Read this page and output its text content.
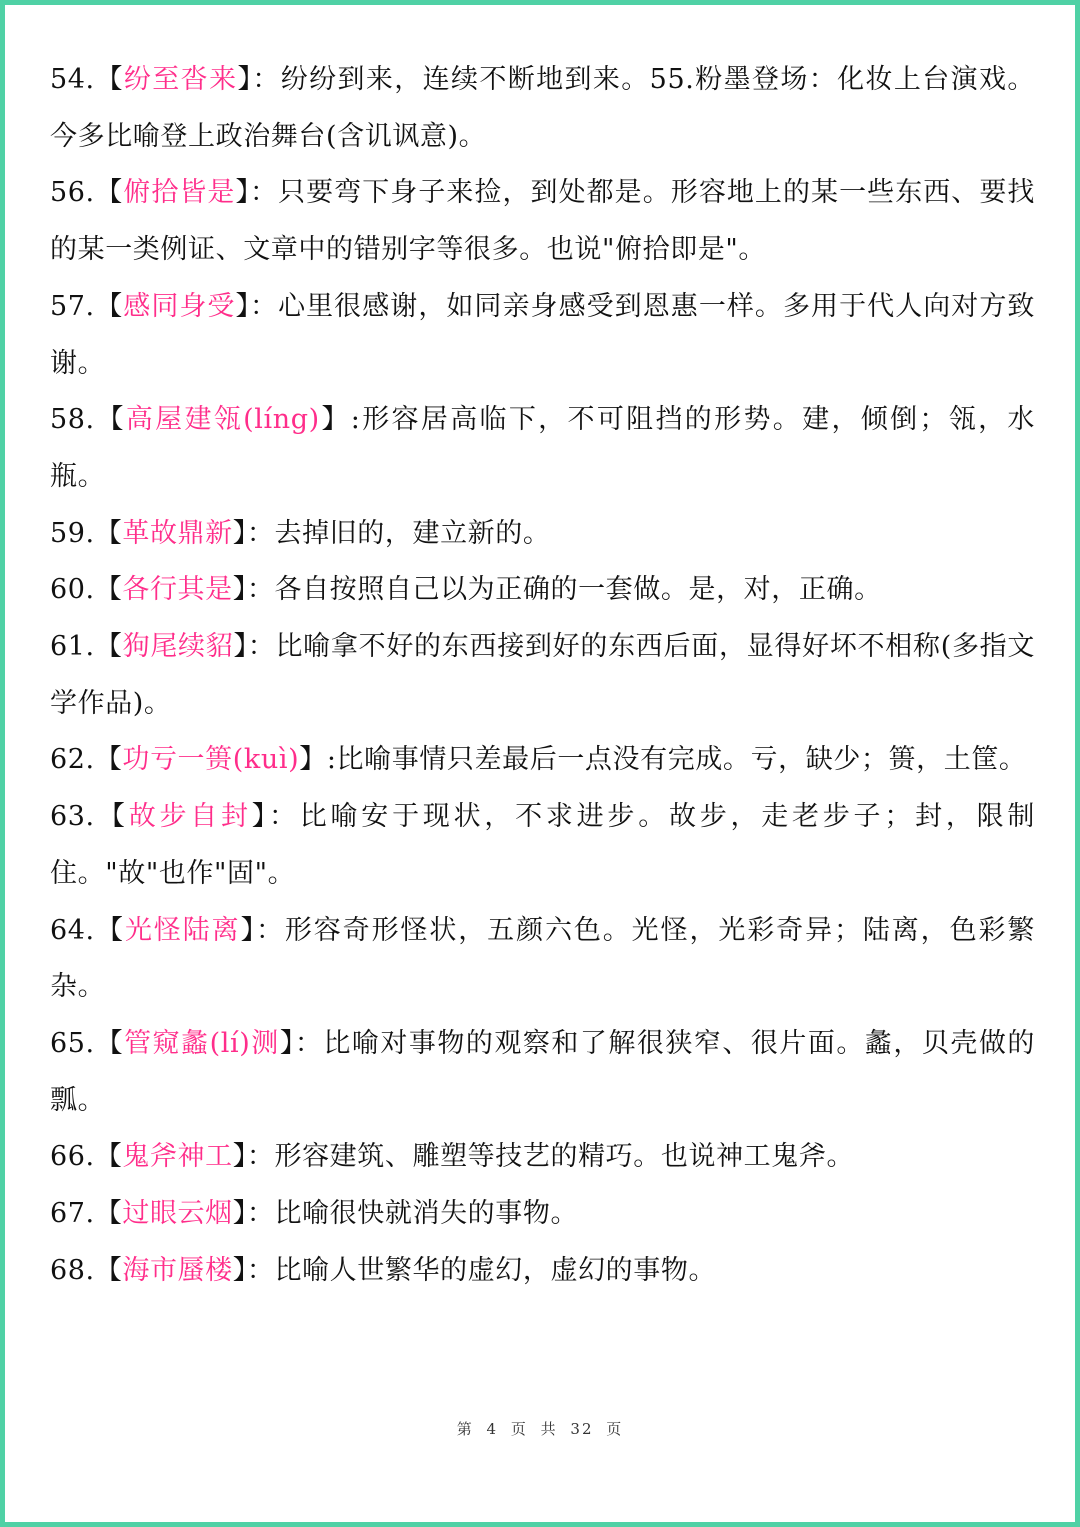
54.【纷至沓来】：纷纷到来，连续不断地到来。55.粉墨登场：化妆上台演戏。今多比喻登上政治舞台(含讥讽意)。

56.【俯拾皆是】：只要弯下身子来捡，到处都是。形容地上的某一些东西、要找的某一类例证、文章中的错别字等很多。也说"俯拾即是"。

57.【感同身受】：心里很感谢，如同亲身感受到恩惠一样。多用于代人向对方致谢。

58.【高屋建瓴(líng)】:形容居高临下，不可阻挡的形势。建，倾倒；瓴，水瓶。

59.【革故鼎新】：去掉旧的，建立新的。

60.【各行其是】：各自按照自己以为正确的一套做。是，对，正确。

61.【狗尾续貂】：比喻拿不好的东西接到好的东西后面，显得好坏不相称(多指文学作品)。

62.【功亏一篑(kuì)】:比喻事情只差最后一点没有完成。亏，缺少；篑，土筐。

63.【故步自封】：比喻安于现状，不求进步。故步，走老步子；封，限制住。"故"也作"固"。

64.【光怪陆离】：形容奇形怪状，五颜六色。光怪，光彩奇异；陆离，色彩繁杂。

65.【管窥蠡(lí)测】：比喻对事物的观察和了解很狭窄、很片面。蠡，贝壳做的瓢。

66.【鬼斧神工】：形容建筑、雕塑等技艺的精巧。也说神工鬼斧。

67.【过眼云烟】：比喻很快就消失的事物。

68.【海市蜃楼】：比喻人世繁华的虚幻，虚幻的事物。

第 4 页 共 32 页
